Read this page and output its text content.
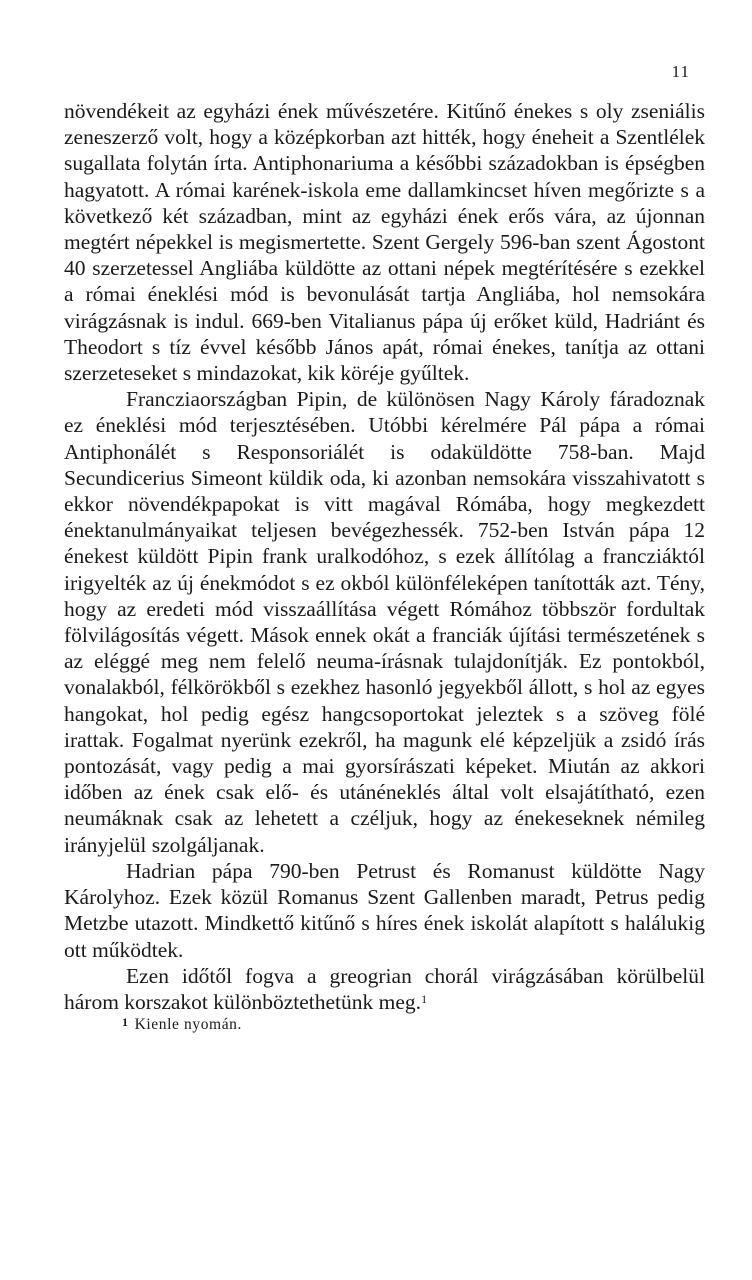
11

növendékeit az egyházi ének művészetére. Kitűnő énekes s oly zseniális zeneszerző volt, hogy a középkorban azt hitték, hogy éneheit a Szentlélek sugallata folytán írta. Antiphonariuma a későbbi századokban is épségben hagyatott. A római karének-iskola eme dallamkincset híven megőrizte s a következő két században, mint az egyházi ének erős vára, az újonnan megtért népekkel is megismertette. Szent Gergely 596-ban szent Ágostont 40 szerzetessel Angliába küldötte az ottani népek megtérítésére s ezekkel a római éneklési mód is bevonulását tartja Angliába, hol nemsokára virágzásnak is indul. 669-ben Vitalianus pápa új erőket küld, Hadriánt és Theodort s tíz évvel később János apát, római énekes, tanítja az ottani szerzeteseket s mindazokat, kik köréje gyűltek.

Francziaországban Pipin, de különösen Nagy Károly fáradoznak ez éneklési mód terjesztésében. Utóbbi kérelmére Pál pápa a római Antiphonálét s Responsoriálét is odaküldötte 758-ban. Majd Secundicerius Simeont küldik oda, ki azonban nemsokára visszahivatott s ekkor növendékpapokat is vitt magával Rómába, hogy megkezdett énektanulmányaikat teljesen bevégezhessék. 752-ben István pápa 12 énekest küldött Pipin frank uralkodóhoz, s ezek állítólag a francziáktól irigyelték az új énekmódot s ez okból különféleképen tanították azt. Tény, hogy az eredeti mód visszaállítása végett Rómához többször fordultak fölvilágosítás végett. Mások ennek okát a franciák újítási természetének s az eléggé meg nem felelő neuma-írásnak tulajdonítják. Ez pontokból, vonalakból, félkörökből s ezekhez hasonló jegyekből állott, s hol az egyes hangokat, hol pedig egész hangcsoportokat jeleztek s a szöveg fölé irattak. Fogalmat nyerünk ezekről, ha magunk elé képzeljük a zsidó írás pontozását, vagy pedig a mai gyorsírászati képeket. Miután az akkori időben az ének csak elő- és utánéneklés által volt elsajátítható, ezen neumáknak csak az lehetett a czéljuk, hogy az énekeseknek némileg irányjelül szolgáljanak.

Hadrian pápa 790-ben Petrust és Romanust küldötte Nagy Károlyhoz. Ezek közül Romanus Szent Gallenben maradt, Petrus pedig Metzbe utazott. Mindkettő kitűnő s híres ének iskolát alapított s halálukig ott működtek.

Ezen időtől fogva a greogrian chorál virágzásában körülbelül három korszakot különböztethetünk meg.$^1$

$^1$ Kienle nyomán.
